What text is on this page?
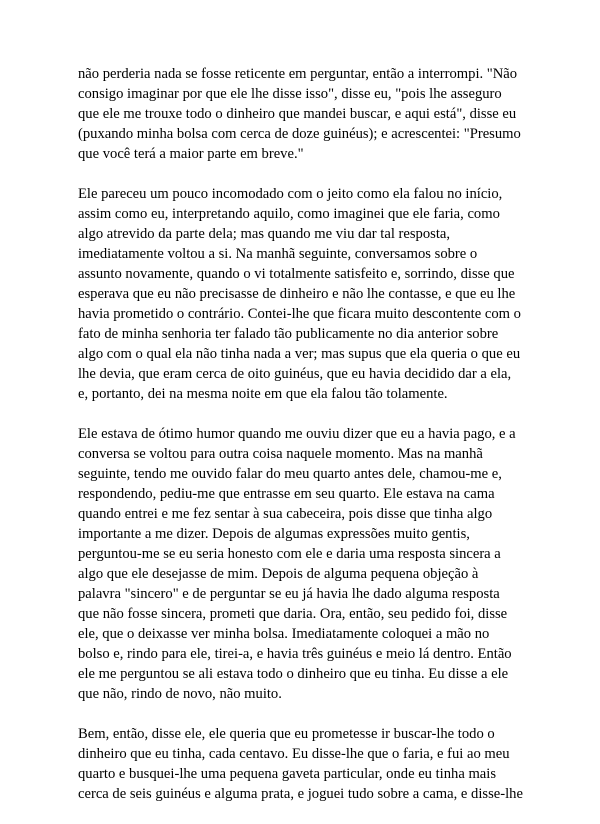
não perderia nada se fosse reticente em perguntar, então a interrompi. "Não
consigo imaginar por que ele lhe disse isso", disse eu, "pois lhe asseguro
que ele me trouxe todo o dinheiro que mandei buscar, e aqui está", disse eu
(puxando minha bolsa com cerca de doze guinéus); e acrescentei: "Presumo
que você terá a maior parte em breve."

Ele pareceu um pouco incomodado com o jeito como ela falou no início,
assim como eu, interpretando aquilo, como imaginei que ele faria, como
algo atrevido da parte dela; mas quando me viu dar tal resposta,
imediatamente voltou a si. Na manhã seguinte, conversamos sobre o
assunto novamente, quando o vi totalmente satisfeito e, sorrindo, disse que
esperava que eu não precisasse de dinheiro e não lhe contasse, e que eu lhe
havia prometido o contrário. Contei-lhe que ficara muito descontente com o
fato de minha senhoria ter falado tão publicamente no dia anterior sobre
algo com o qual ela não tinha nada a ver; mas supus que ela queria o que eu
lhe devia, que eram cerca de oito guinéus, que eu havia decidido dar a ela,
e, portanto, dei na mesma noite em que ela falou tão tolamente.

Ele estava de ótimo humor quando me ouviu dizer que eu a havia pago, e a
conversa se voltou para outra coisa naquele momento. Mas na manhã
seguinte, tendo me ouvido falar do meu quarto antes dele, chamou-me e,
respondendo, pediu-me que entrasse em seu quarto. Ele estava na cama
quando entrei e me fez sentar à sua cabeceira, pois disse que tinha algo
importante a me dizer. Depois de algumas expressões muito gentis,
perguntou-me se eu seria honesto com ele e daria uma resposta sincera a
algo que ele desejasse de mim. Depois de alguma pequena objeção à
palavra "sincero" e de perguntar se eu já havia lhe dado alguma resposta
que não fosse sincera, prometi que daria. Ora, então, seu pedido foi, disse
ele, que o deixasse ver minha bolsa. Imediatamente coloquei a mão no
bolso e, rindo para ele, tirei-a, e havia três guinéus e meio lá dentro. Então
ele me perguntou se ali estava todo o dinheiro que eu tinha. Eu disse a ele
que não, rindo de novo, não muito.

Bem, então, disse ele, ele queria que eu prometesse ir buscar-lhe todo o
dinheiro que eu tinha, cada centavo. Eu disse-lhe que o faria, e fui ao meu
quarto e busquei-lhe uma pequena gaveta particular, onde eu tinha mais
cerca de seis guinéus e alguma prata, e joguei tudo sobre a cama, e disse-lhe
